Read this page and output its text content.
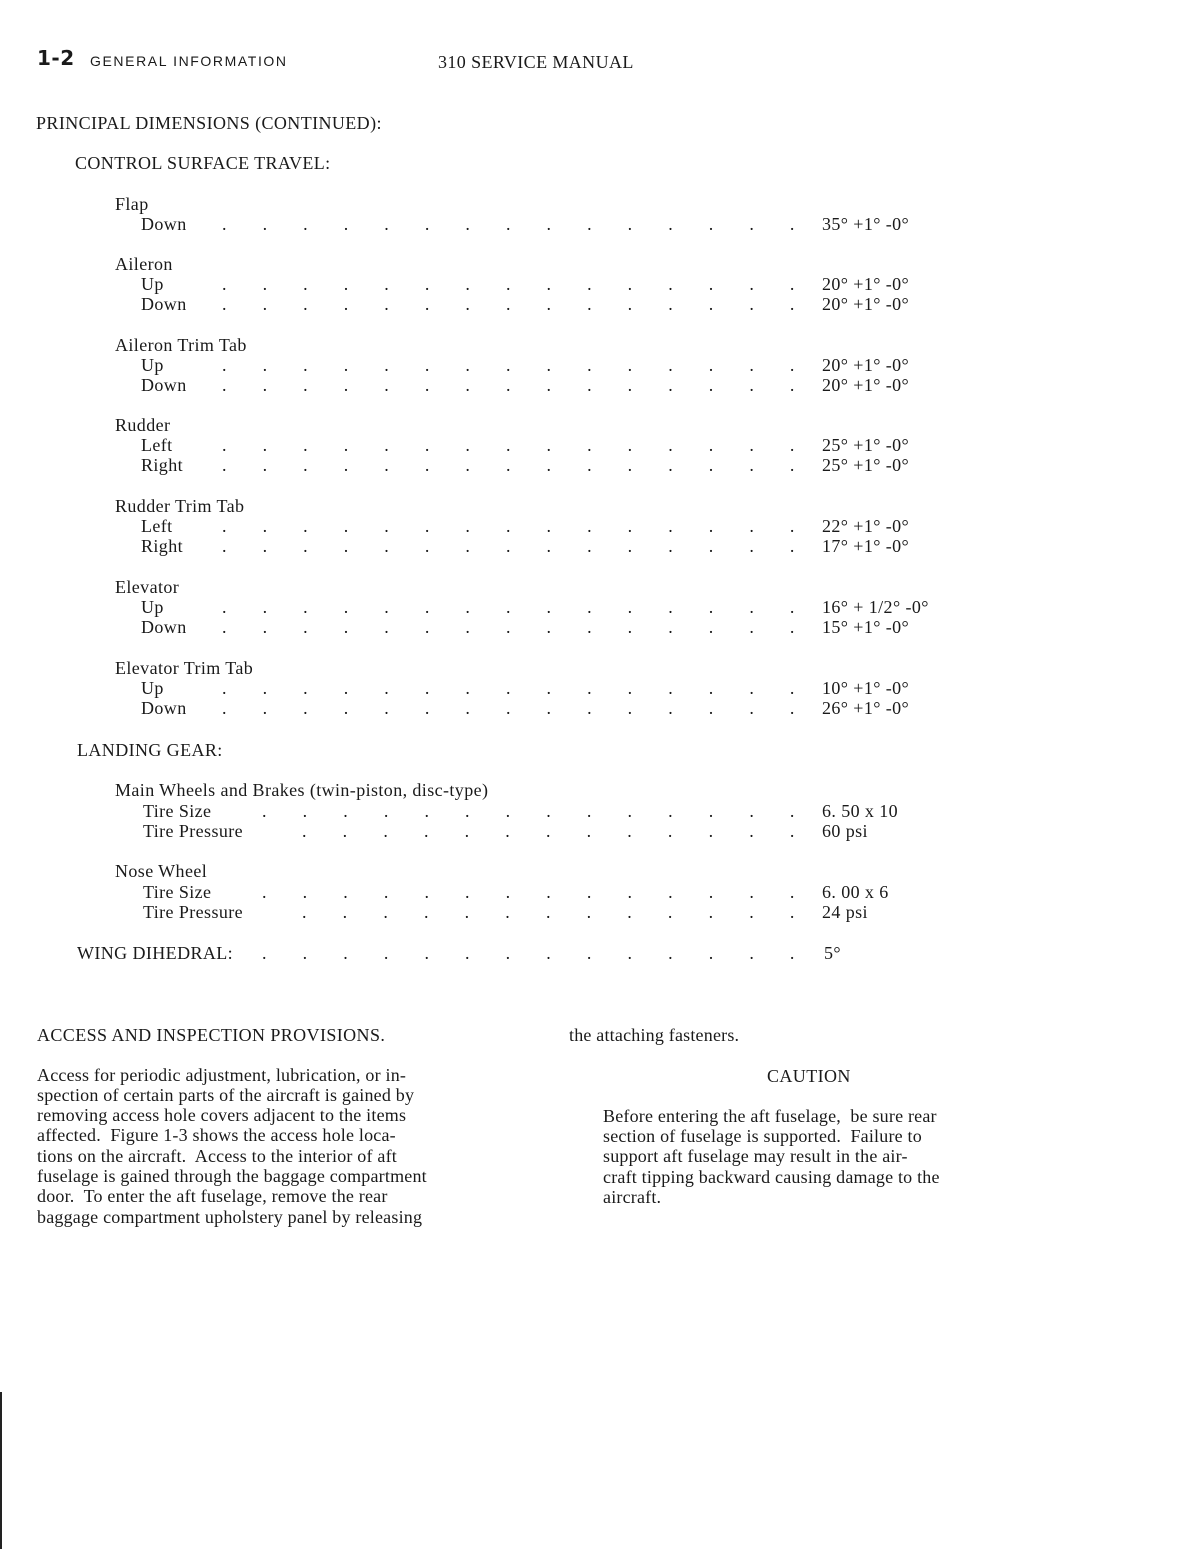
1-2 GENERAL INFORMATION	310 SERVICE MANUAL
PRINCIPAL DIMENSIONS (CONTINUED):
CONTROL SURFACE TRAVEL:
Flap
Down . . . . . . . . . . . . . . . 35° +1° -0°
Aileron
Up	. . . . . . . . . . . . . . . 20° +1° -0°
Down . . . . . . . . . . . . . . . 20° +1° -0°
Aileron Trim Tab
Up	. . . . . . . . . . . . . . . 20° +1° -0°
Down . . . . . . . . . . . . . . . 20° +1° -0°
Rudder
Left	. . . . . . . . . . . . . . . 25° +1° -0°
Right . . . . . . . . . . . . . . . 25° +1° -0°
Rudder Trim Tab
Left	. . . . . . . . . . . . . . . 22° +1° -0°
Right . . . . . . . . . . . . . . . 17° +1° -0°
Elevator
Up	. . . . . . . . . . . . . . . 16° + 1/2° -0°
Down . . . . . . . . . . . . . . . 15° +1° -0°
Elevator Trim Tab
Up	. . . . . . . . . . . . . . . 10° +1° -0°
Down . . . . . . . . . . . . . . . 26° +1° -0°
LANDING GEAR:
Main Wheels and Brakes (twin-piston, disc-type)
Tire Size	. . . . . . . . . . . . . . 6. 50 x 10
Tire Pressure	. . . . . . . . . . . . . 60 psi
Nose Wheel
Tire Size	. . . . . . . . . . . . . . 6. 00 x 6
Tire Pressure	. . . . . . . . . . . . . 24 psi
WING DIHEDRAL: . . . . . . . . . . . . . . 5°
ACCESS AND INSPECTION PROVISIONS.
Access for periodic adjustment, lubrication, or in-
spection of certain parts of the aircraft is gained by
removing access hole covers adjacent to the items
affected.  Figure 1-3 shows the access hole loca-
tions on the aircraft.  Access to the interior of aft
fuselage is gained through the baggage compartment
door.  To enter the aft fuselage, remove the rear
baggage compartment upholstery panel by releasing
the attaching fasteners.
CAUTION
Before entering the aft fuselage,  be sure rear
section of fuselage is supported.  Failure to
support aft fuselage may result in the air-
craft tipping backward causing damage to the
aircraft.
